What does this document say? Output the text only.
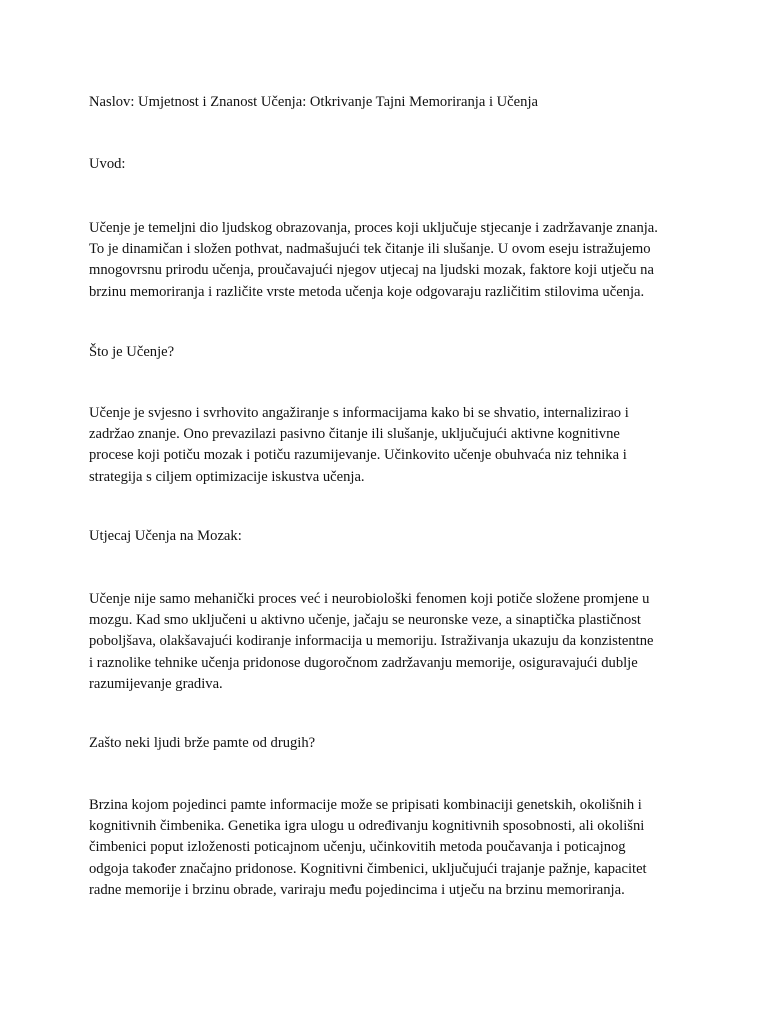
Naslov: Umjetnost i Znanost Učenja: Otkrivanje Tajni Memoriranja i Učenja

Uvod:

Učenje je temeljni dio ljudskog obrazovanja, proces koji uključuje stjecanje i zadržavanje znanja.
To je dinamičan i složen pothvat, nadmašujući tek čitanje ili slušanje. U ovom eseju istražujemo
mnogovrsnu prirodu učenja, proučavajući njegov utjecaj na ljudski mozak, faktore koji utječu na
brzinu memoriranja i različite vrste metoda učenja koje odgovaraju različitim stilovima učenja.

Što je Učenje?

Učenje je svjesno i svrhovito angažiranje s informacijama kako bi se shvatio, internalizirao i
zadržao znanje. Ono prevazilazi pasivno čitanje ili slušanje, uključujući aktivne kognitivne
procese koji potiču mozak i potiču razumijevanje. Učinkovito učenje obuhvaća niz tehnika i
strategija s ciljem optimizacije iskustva učenja.

Utjecaj Učenja na Mozak:

Učenje nije samo mehanički proces već i neurobiološki fenomen koji potiče složene promjene u
mozgu. Kad smo uključeni u aktivno učenje, jačaju se neuronske veze, a sinaptička plastičnost
poboljšava, olakšavajući kodiranje informacija u memoriju. Istraživanja ukazuju da konzistentne
i raznolike tehnike učenja pridonose dugoročnom zadržavanju memorije, osiguravajući dublje
razumijevanje gradiva.

Zašto neki ljudi brže pamte od drugih?

Brzina kojom pojedinci pamte informacije može se pripisati kombinaciji genetskih, okolišnih i
kognitivnih čimbenika. Genetika igra ulogu u određivanju kognitivnih sposobnosti, ali okolišni
čimbenici poput izloženosti poticajnom učenju, učinkovitih metoda poučavanja i poticajnog
odgoja također značajno pridonose. Kognitivni čimbenici, uključujući trajanje pažnje, kapacitet
radne memorije i brzinu obrade, variraju među pojedincima i utječu na brzinu memoriranja.
